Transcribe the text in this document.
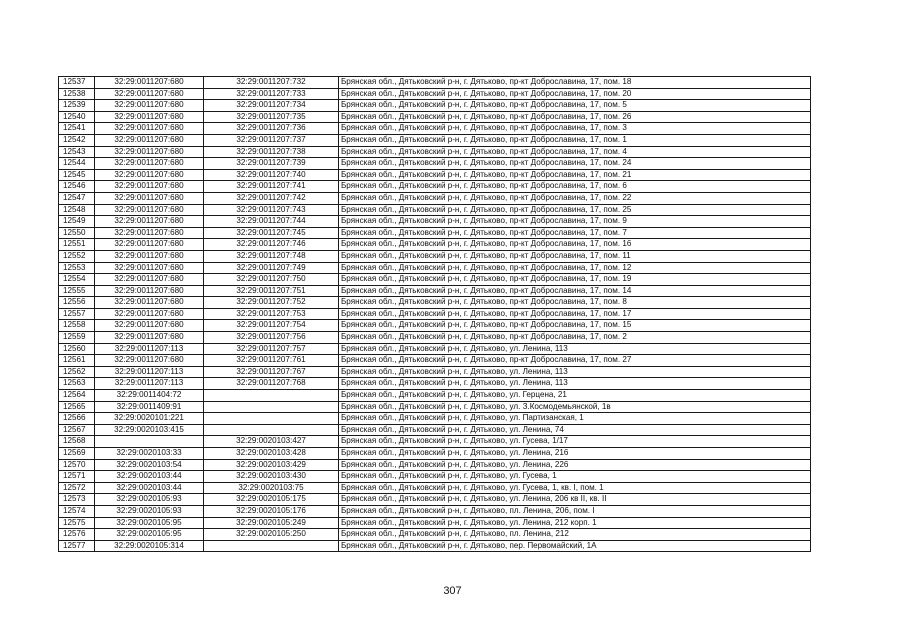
12537	32:29:0011207:680	32:29:0011207:732	Брянская обл., Дятьковский р-н, г. Дятьково, пр-кт Доброславина, 17, пом. 18
12538	32:29:0011207:680	32:29:0011207:733	Брянская обл., Дятьковский р-н, г. Дятьково, пр-кт Доброславина, 17, пом. 20
12539	32:29:0011207:680	32:29:0011207:734	Брянская обл., Дятьковский р-н, г. Дятьково, пр-кт Доброславина, 17, пом. 5
12540	32:29:0011207:680	32:29:0011207:735	Брянская обл., Дятьковский р-н, г. Дятьково, пр-кт Доброславина, 17, пом. 26
12541	32:29:0011207:680	32:29:0011207:736	Брянская обл., Дятьковский р-н, г. Дятьково, пр-кт Доброславина, 17, пом. 3
12542	32:29:0011207:680	32:29:0011207:737	Брянская обл., Дятьковский р-н, г. Дятьково, пр-кт Доброславина, 17, пом. 1
12543	32:29:0011207:680	32:29:0011207:738	Брянская обл., Дятьковский р-н, г. Дятьково, пр-кт Доброславина, 17, пом. 4
12544	32:29:0011207:680	32:29:0011207:739	Брянская обл., Дятьковский р-н, г. Дятьково, пр-кт Доброславина, 17, пом. 24
12545	32:29:0011207:680	32:29:0011207:740	Брянская обл., Дятьковский р-н, г. Дятьково, пр-кт Доброславина, 17, пом. 21
12546	32:29:0011207:680	32:29:0011207:741	Брянская обл., Дятьковский р-н, г. Дятьково, пр-кт Доброславина, 17, пом. 6
12547	32:29:0011207:680	32:29:0011207:742	Брянская обл., Дятьковский р-н, г. Дятьково, пр-кт Доброславина, 17, пом. 22
12548	32:29:0011207:680	32:29:0011207:743	Брянская обл., Дятьковский р-н, г. Дятьково, пр-кт Доброславина, 17, пом. 25
12549	32:29:0011207:680	32:29:0011207:744	Брянская обл., Дятьковский р-н, г. Дятьково, пр-кт Доброславина, 17, пом. 9
12550	32:29:0011207:680	32:29:0011207:745	Брянская обл., Дятьковский р-н, г. Дятьково, пр-кт Доброславина, 17, пом. 7
12551	32:29:0011207:680	32:29:0011207:746	Брянская обл., Дятьковский р-н, г. Дятьково, пр-кт Доброславина, 17, пом. 16
12552	32:29:0011207:680	32:29:0011207:748	Брянская обл., Дятьковский р-н, г. Дятьково, пр-кт Доброславина, 17, пом. 11
12553	32:29:0011207:680	32:29:0011207:749	Брянская обл., Дятьковский р-н, г. Дятьково, пр-кт Доброславина, 17, пом. 12
12554	32:29:0011207:680	32:29:0011207:750	Брянская обл., Дятьковский р-н, г. Дятьково, пр-кт Доброславина, 17, пом. 19
12555	32:29:0011207:680	32:29:0011207:751	Брянская обл., Дятьковский р-н, г. Дятьково, пр-кт Доброславина, 17, пом. 14
12556	32:29:0011207:680	32:29:0011207:752	Брянская обл., Дятьковский р-н, г. Дятьково, пр-кт Доброславина, 17, пом. 8
12557	32:29:0011207:680	32:29:0011207:753	Брянская обл., Дятьковский р-н, г. Дятьково, пр-кт Доброславина, 17, пом. 17
12558	32:29:0011207:680	32:29:0011207:754	Брянская обл., Дятьковский р-н, г. Дятьково, пр-кт Доброславина, 17, пом. 15
12559	32:29:0011207:680	32:29:0011207:756	Брянская обл., Дятьковский р-н, г. Дятьково, пр-кт Доброславина, 17, пом. 2
12560	32:29:0011207:113	32:29:0011207:757	Брянская обл., Дятьковский р-н, г. Дятьково, ул. Ленина, 113
12561	32:29:0011207:680	32:29:0011207:761	Брянская обл., Дятьковский р-н, г. Дятьково, пр-кт Доброславина, 17, пом. 27
12562	32:29:0011207:113	32:29:0011207:767	Брянская обл., Дятьковский р-н, г. Дятьково, ул. Ленина, 113
12563	32:29:0011207:113	32:29:0011207:768	Брянская обл., Дятьковский р-н, г. Дятьково, ул. Ленина, 113
12564	32:29:0011404:72		Брянская обл., Дятьковский р-н, г. Дятьково, ул. Герцена, 21
12565	32:29:0011409:91		Брянская обл., Дятьковский р-н, г. Дятьково, ул. З.Космодемьянской, 1в
12566	32:29:0020101:221		Брянская обл., Дятьковский р-н, г. Дятьково, ул. Партизанская, 1
12567	32:29:0020103:415		Брянская обл., Дятьковский р-н, г. Дятьково, ул. Ленина, 74
12568		32:29:0020103:427	Брянская обл., Дятьковский р-н, г. Дятьково, ул. Гусева, 1/17
12569	32:29:0020103:33	32:29:0020103:428	Брянская обл., Дятьковский р-н, г. Дятьково, ул. Ленина, 216
12570	32:29:0020103:54	32:29:0020103:429	Брянская обл., Дятьковский р-н, г. Дятьково, ул. Ленина, 226
12571	32:29:0020103:44	32:29:0020103:430	Брянская обл., Дятьковский р-н, г. Дятьково, ул. Гусева, 1
12572	32:29:0020103:44	32:29:0020103:75	Брянская обл., Дятьковский р-н, г. Дятьково, ул. Гусева, 1, кв. I, пом. 1
12573	32:29:0020105:93	32:29:0020105:175	Брянская обл., Дятьковский р-н, г. Дятьково, ул. Ленина, 206 кв II, кв. II
12574	32:29:0020105:93	32:29:0020105:176	Брянская обл., Дятьковский р-н, г. Дятьково, пл. Ленина, 206, пом. I
12575	32:29:0020105:95	32:29:0020105:249	Брянская обл., Дятьковский р-н, г. Дятьково, ул. Ленина, 212 корп. 1
12576	32:29:0020105:95	32:29:0020105:250	Брянская обл., Дятьковский р-н, г. Дятьково, пл. Ленина, 212
12577	32:29:0020105:314		Брянская обл., Дятьковский р-н, г. Дятьково, пер. Первомайский, 1А
307
